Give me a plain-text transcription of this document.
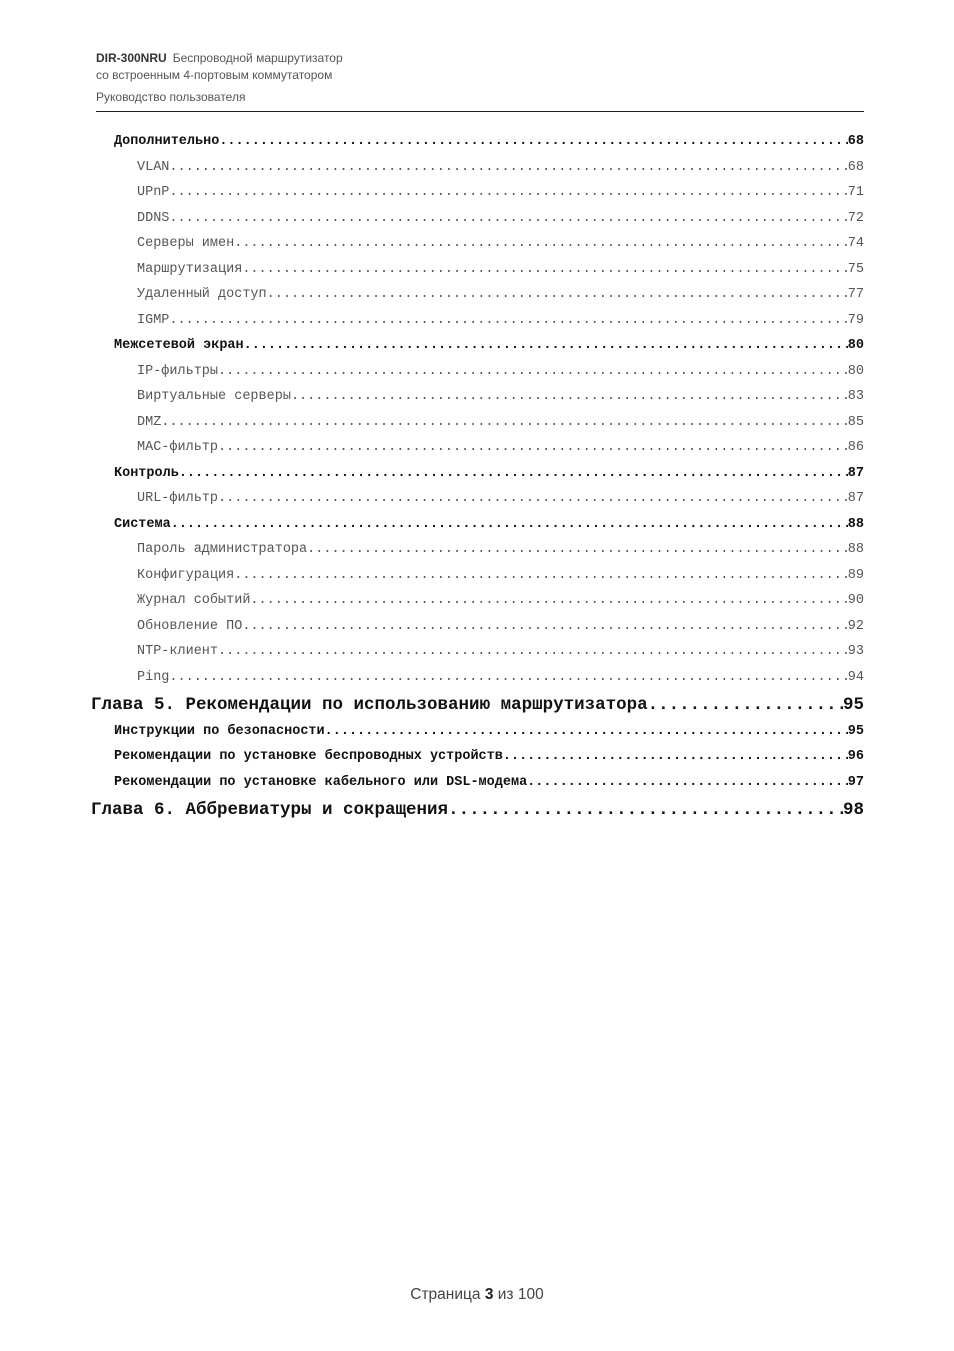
DIR-300NRU Беспроводной маршрутизатор
со встроенным 4-портовым коммутатором
Руководство пользователя
Дополнительно .....	68
VLAN .....	68
UPnP .....	71
DDNS .....	72
Серверы имен .....	74
Маршрутизация .....	75
Удаленный доступ .....	77
IGMP .....	79
Межсетевой экран .....	80
IP-фильтры .....	80
Виртуальные серверы .....	83
DMZ .....	85
MAC-фильтр .....	86
Контроль .....	87
URL-фильтр .....	87
Система .....	88
Пароль администратора .....	88
Конфигурация .....	89
Журнал событий .....	90
Обновление ПО .....	92
NTP-клиент .....	93
Ping .....	94
Глава 5. Рекомендации по использованию маршрутизатора .....	95
Инструкции по безопасности .....	95
Рекомендации по установке беспроводных устройств .....	96
Рекомендации по установке кабельного или DSL-модема .....	97
Глава 6. Аббревиатуры и сокращения .....	98
Страница 3 из 100
